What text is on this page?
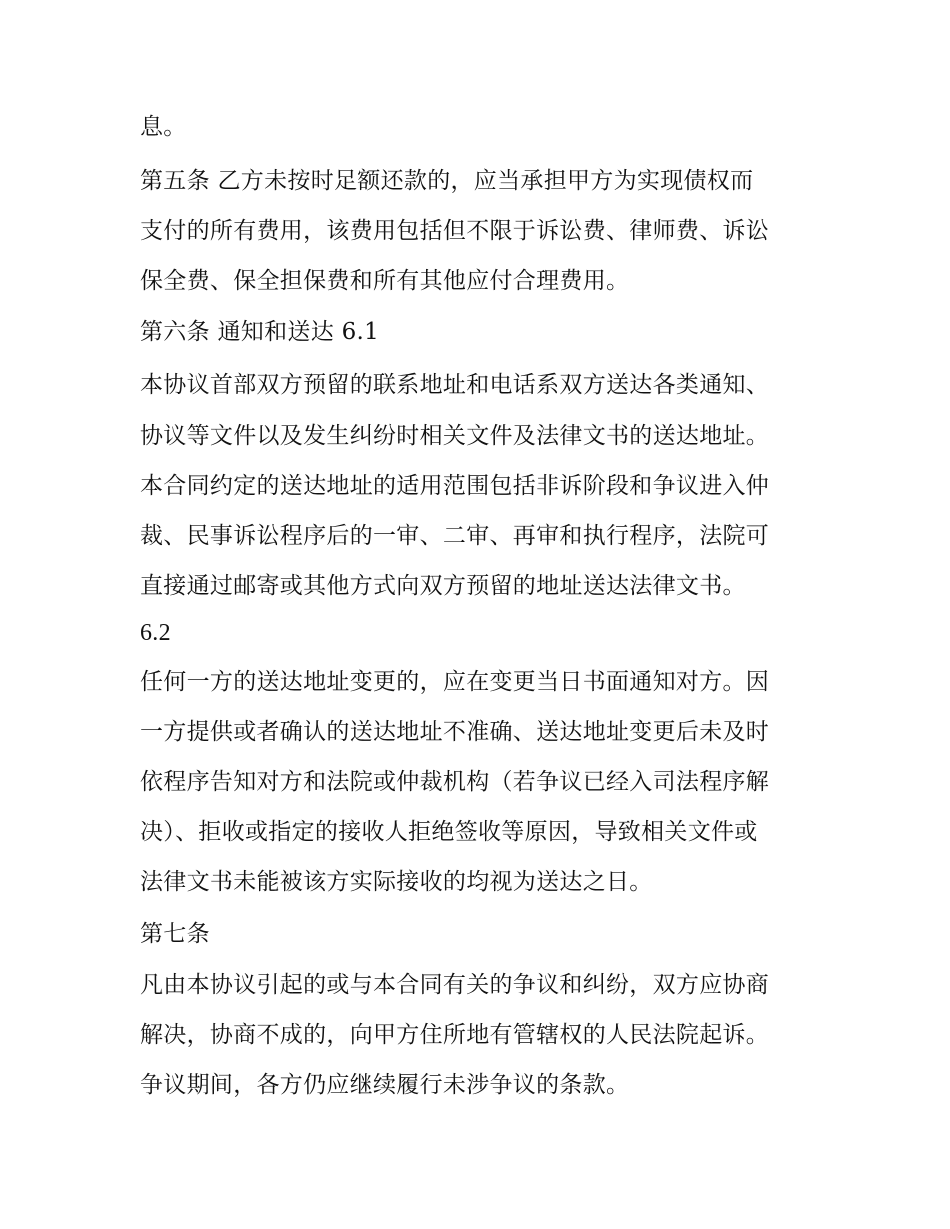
息。
第五条 乙方未按时足额还款的，应当承担甲方为实现债权而
支付的所有费用，该费用包括但不限于诉讼费、律师费、诉讼
保全费、保全担保费和所有其他应付合理费用。
第六条 通知和送达 6.1
本协议首部双方预留的联系地址和电话系双方送达各类通知、
协议等文件以及发生纠纷时相关文件及法律文书的送达地址。
本合同约定的送达地址的适用范围包括非诉阶段和争议进入仲
裁、民事诉讼程序后的一审、二审、再审和执行程序，法院可
直接通过邮寄或其他方式向双方预留的地址送达法律文书。
6.2
任何一方的送达地址变更的，应在变更当日书面通知对方。因
一方提供或者确认的送达地址不准确、送达地址变更后未及时
依程序告知对方和法院或仲裁机构（若争议已经入司法程序解
决）、拒收或指定的接收人拒绝签收等原因，导致相关文件或
法律文书未能被该方实际接收的均视为送达之日。
第七条
凡由本协议引起的或与本合同有关的争议和纠纷，双方应协商
解决，协商不成的，向甲方住所地有管辖权的人民法院起诉。
争议期间，各方仍应继续履行未涉争议的条款。
